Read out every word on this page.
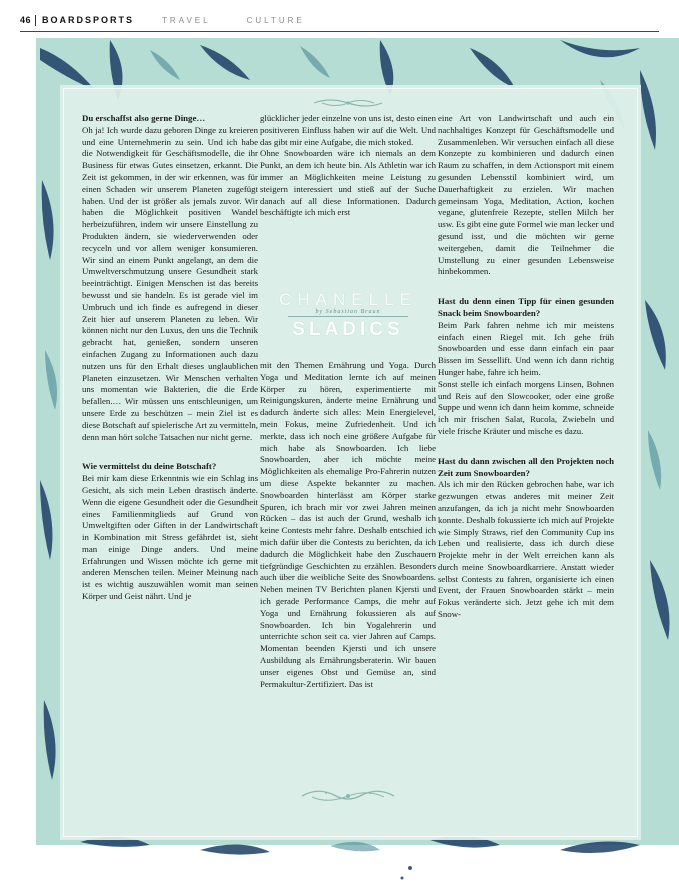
46 BOARDSPORTS	TRAVEL	CULTURE
Du erschaffst also gerne Dinge…

Oh ja! Ich wurde dazu geboren Dinge zu kreieren und eine Unternehmerin zu sein. Und ich habe die Notwendigkeit für Geschäftsmodelle, die ihr Business für etwas Gutes einsetzen, erkannt. Die Zeit ist gekommen, in der wir erkennen, was für einen Schaden wir unserem Planeten zugefügt haben. Und der ist größer als jemals zuvor. Wir haben die Möglichkeit positiven Wandel herbeizuführen, indem wir unsere Einstellung zu Produkten ändern, sie wiederverwenden oder recyceln und vor allem weniger konsumieren. Wir sind an einem Punkt angelangt, an dem die Umweltverschmutzung unsere Gesundheit stark beeinträchtigt. Einigen Menschen ist das bereits bewusst und sie handeln. Es ist gerade viel im Umbruch und ich finde es aufregend in dieser Zeit hier auf unserem Planeten zu leben. Wir können nicht nur den Luxus, den uns die Technik gebracht hat, genießen, sondern unseren einfachen Zugang zu Informationen auch dazu nutzen uns für den Erhalt dieses unglaublichen Planeten einzusetzen. Wir Menschen verhalten uns momentan wie Bakterien, die die Erde befallen.… Wir müssen uns entschleunigen, um unsere Erde zu beschützen – mein Ziel ist es diese Botschaft auf spielerische Art zu vermitteln, denn man hört solche Tatsachen nur nicht gerne.

Wie vermittelst du deine Botschaft?

Bei mir kam diese Erkenntnis wie ein Schlag ins Gesicht, als sich mein Leben drastisch änderte. Wenn die eigene Gesundheit oder die Gesundheit eines Familienmitglieds auf Grund von Umweltgiften oder Giften in der Landwirtschaft in Kombination mit Stress gefährdet ist, sieht man einige Dinge anders. Und meine Erfahrungen und Wissen möchte ich gerne mit anderen Menschen teilen. Meiner Meinung nach ist es wichtig auszuwählen womit man seinen Körper und Geist nährt. Und je

glücklicher jeder einzelne von uns ist, desto einen positiveren Einfluss haben wir auf die Welt. Und das gibt mir eine Aufgabe, die mich stoked.

Ohne Snowboarden wäre ich niemals an dem Punkt, an dem ich heute bin. Als Athletin war ich immer an Möglichkeiten meine Leistung zu steigern interessiert und stieß auf der Suche danach auf all diese Informationen. Dadurch beschäftigte ich mich erst

CHANELLE
by Sebastian Braun
SLADICS

mit den Themen Ernährung und Yoga. Durch Yoga und Meditation lernte ich auf meinen Körper zu hören, experimentierte mit Reinigungskuren, änderte meine Ernährung und dadurch änderte sich alles: Mein Energielevel, mein Fokus, meine Zufriedenheit. Und ich merkte, dass ich noch eine größere Aufgabe für mich habe als Snowboarden. Ich liebe Snowboarden, aber ich möchte meine Möglichkeiten als ehemalige Pro-Fahrerin nutzen um diese Aspekte bekannter zu machen. Snowboarden hinterlässt am Körper starke Spuren, ich brach mir vor zwei Jahren meinen Rücken – das ist auch der Grund, weshalb ich keine Contests mehr fahre. Deshalb entschied ich mich dafür über die Contests zu berichten, da ich dadurch die Möglichkeit habe den Zuschauern tiefgründige Geschichten zu erzählen. Besonders auch über die weibliche Seite des Snowboardens. Neben meinen TV Berichten planen Kjersti und ich gerade Performance Camps, die mehr auf Yoga und Ernährung fokussieren als auf Snowboarden. Ich bin Yogalehrerin und unterrichte schon seit ca. vier Jahren auf Camps. Momentan beenden Kjersti und ich unsere Ausbildung als Ernährungsberaterin. Wir bauen unser eigenes Obst und Gemüse an, sind Permakultur-Zertifiziert. Das ist

eine Art von Landwirtschaft und auch ein nachhaltiges Konzept für Geschäftsmodelle und Zusammenleben. Wir versuchen einfach all diese Konzepte zu kombinieren und dadurch einen Raum zu schaffen, in dem Actionsport mit einem gesunden Lebensstil kombiniert wird, um Dauerhaftigkeit zu erzielen. Wir machen gemeinsam Yoga, Meditation, Action, kochen vegane, glutenfreie Rezepte, stellen Milch her usw. Es gibt eine gute Formel wie man lecker und gesund isst, und die möchten wir gerne weitergeben, damit die Teilnehmer die Umstellung zu einer gesunden Lebensweise hinbekommen.

Hast du denn einen Tipp für einen gesunden Snack beim Snowboarden?

Beim Park fahren nehme ich mir meistens einfach einen Riegel mit. Ich gehe früh Snowboarden und esse dann einfach ein paar Bissen im Sessellift. Und wenn ich dann richtig Hunger habe, fahre ich heim.

Sonst stelle ich einfach morgens Linsen, Bohnen und Reis auf den Slowcooker, oder eine große Suppe und wenn ich dann heim komme, schneide ich mir frischen Salat, Rucola, Zwiebeln und viele frische Kräuter und mische es dazu.

Hast du dann zwischen all den Projekten noch Zeit zum Snowboarden?

Als ich mir den Rücken gebrochen habe, war ich gezwungen etwas anderes mit meiner Zeit anzufangen, da ich ja nicht mehr Snowboarden konnte. Deshalb fokussierte ich mich auf Projekte wie Simply Straws, rief den Community Cup ins Leben und realisierte, dass ich durch diese Projekte mehr in der Welt erreichen kann als durch meine Snowboardkarriere. Anstatt wieder selbst Contests zu fahren, organisierte ich einen Event, der Frauen Snowboarden stärkt – mein Fokus veränderte sich. Jetzt gehe ich mit dem Snow-
